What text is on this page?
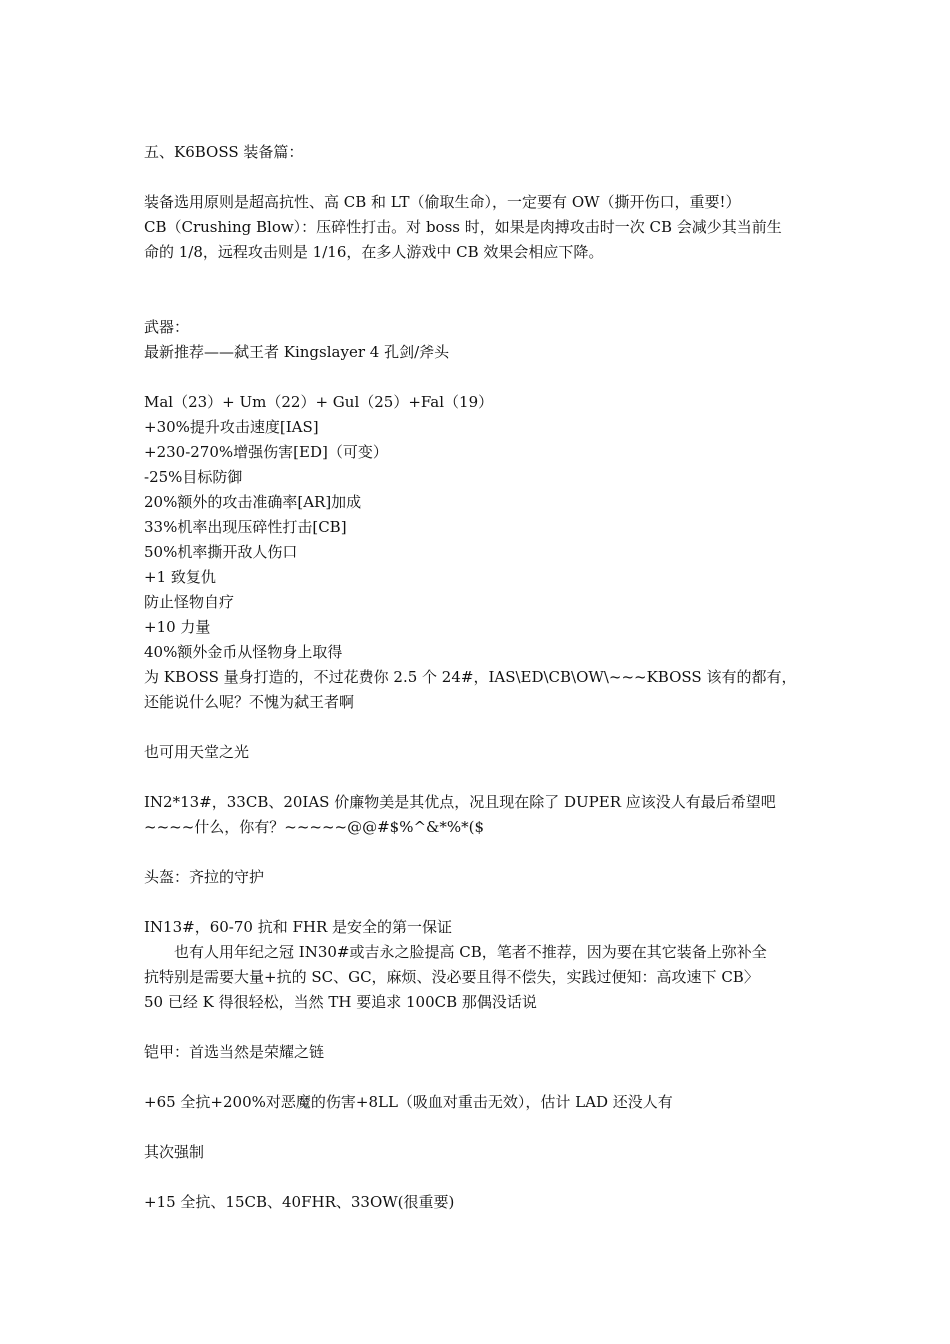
五、K6BOSS 装备篇：
装备选用原则是超高抗性、高 CB 和 LT（偷取生命），一定要有 OW（撕开伤口，重要!）
CB（Crushing Blow）：压碎性打击。对 boss 时，如果是肉搏攻击时一次 CB 会减少其当前生
命的 1/8，远程攻击则是 1/16，在多人游戏中 CB 效果会相应下降。
武器：
最新推荐——弑王者 Kingslayer 4 孔剑/斧头
Mal（23）+ Um（22）+ Gul（25）+Fal（19）
+30%提升攻击速度[IAS]
+230-270%增强伤害[ED]（可变）
-25%目标防御
20%额外的攻击准确率[AR]加成
33%机率出现压碎性打击[CB]
50%机率撕开敌人伤口
+1 致复仇
防止怪物自疗
+10 力量
40%额外金币从怪物身上取得
为 KBOSS 量身打造的，不过花费你 2.5 个 24#，IAS\ED\CB\OW\~~~KBOSS 该有的都有，
还能说什么呢？不愧为弑王者啊
也可用天堂之光
IN2*13#，33CB、20IAS 价廉物美是其优点，况且现在除了 DUPER 应该没人有最后希望吧
~~~~什么，你有？~~~~~@@#$%^&*%*($
头盔：齐拉的守护
IN13#，60-70 抗和 FHR 是安全的第一保证
也有人用年纪之冠 IN30#或吉永之脸提高 CB，笔者不推荐，因为要在其它装备上弥补全
抗特别是需要大量+抗的 SC、GC，麻烦、没必要且得不偿失，实践过便知：高攻速下 CB〉
50 已经 K 得很轻松，当然 TH 要追求 100CB 那偶没话说
铠甲：首选当然是荣耀之链
+65 全抗+200%对恶魔的伤害+8LL（吸血对重击无效），估计 LAD 还没人有
其次强制
+15 全抗、15CB、40FHR、33OW(很重要)
